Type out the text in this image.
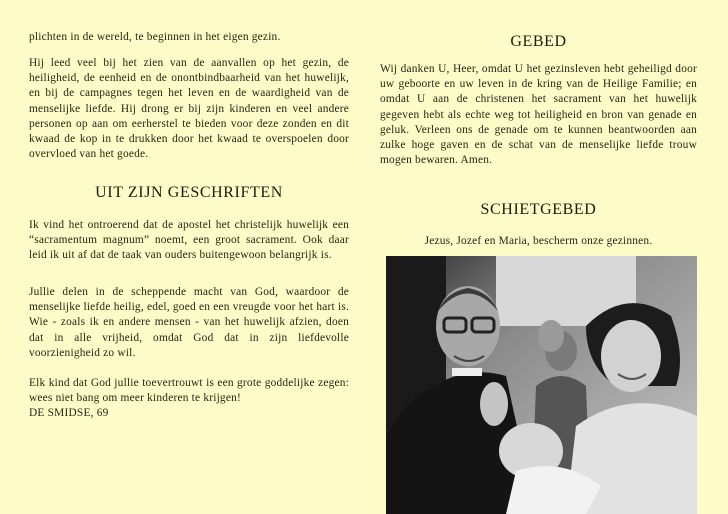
plichten in de wereld, te beginnen in het eigen gezin.

Hij leed veel bij het zien van de aanvallen op het gezin, de heiligheid, de eenheid en de onontbindbaarheid van het huwelijk, en bij de campagnes tegen het leven en de waardigheid van de menselijke liefde. Hij drong er bij zijn kinderen en veel andere personen op aan om eerherstel te bieden voor deze zonden en dit kwaad de kop in te drukken door het kwaad te overspoelen door overvloed van het goede.

UIT ZIJN GESCHRIFTEN

Ik vind het ontroerend dat de apostel het christelijk huwelijk een “sacramentum magnum” noemt, een groot sacrament. Ook daar leid ik uit af dat de taak van ouders buitengewoon belangrijk is.

Jullie delen in de scheppende macht van God, waardoor de menselijke liefde heilig, edel, goed en een vreugde voor het hart is. Wie - zoals ik en andere mensen - van het huwelijk afzien, doen dat in alle vrijheid, omdat God dat in zijn liefdevolle voorzienigheid zo wil.

Elk kind dat God jullie toevertrouwt is een grote goddelijke zegen: wees niet bang om meer kinderen te krijgen!

DE SMIDSE, 69

GEBED

Wij danken U, Heer, omdat U het gezinsleven hebt geheiligd door uw geboorte en uw leven in de kring van de Heilige Familie; en omdat U aan de christenen het sacrament van het huwelijk gegeven hebt als echte weg tot heiligheid en bron van genade en geluk. Verleen ons de genade om te kunnen beantwoorden aan zulke hoge gaven en de schat van de menselijke liefde trouw mogen bewaren. Amen.

SCHIETGEBED

Jezus, Jozef en Maria, bescherm onze gezinnen.
